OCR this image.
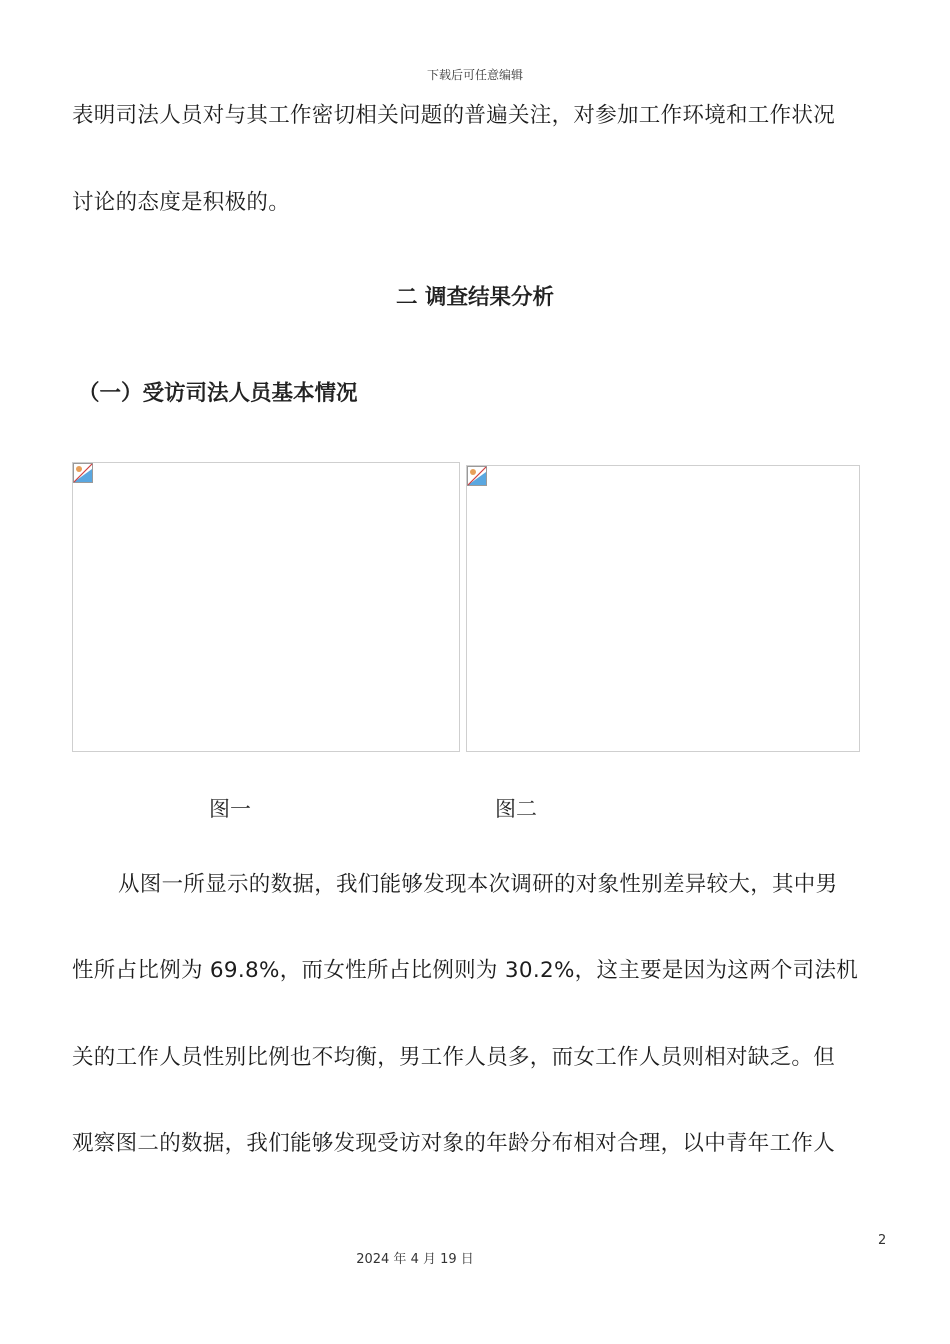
下载后可任意编辑
表明司法人员对与其工作密切相关问题的普遍关注，对参加工作环境和工作状况
讨论的态度是积极的。
二 调查结果分析
（一）受访司法人员基本情况
图一	图二
从图一所显示的数据，我们能够发现本次调研的对象性别差异较大，其中男
性所占比例为 69.8%，而女性所占比例则为 30.2%，这主要是因为这两个司法机
关的工作人员性别比例也不均衡，男工作人员多，而女工作人员则相对缺乏。但
观察图二的数据，我们能够发现受访对象的年龄分布相对合理，以中青年工作人
2
2024 年 4 月 19 日
